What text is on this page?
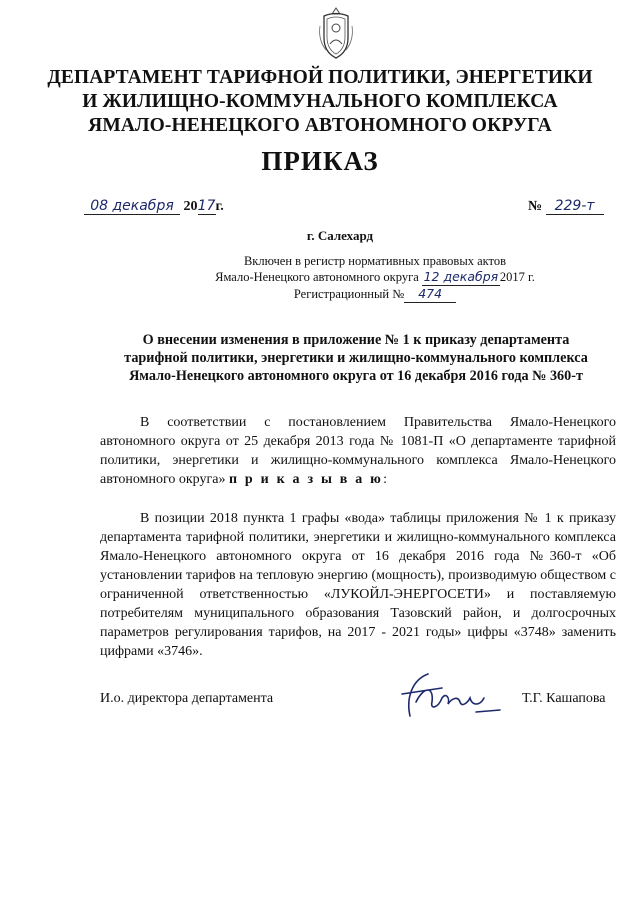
ДЕПАРТАМЕНТ ТАРИФНОЙ ПОЛИТИКИ, ЭНЕРГЕТИКИ
И ЖИЛИЩНО-КОММУНАЛЬНОГО КОМПЛЕКСА
ЯМАЛО-НЕНЕЦКОГО АВТОНОМНОГО ОКРУГА
ПРИКАЗ
08 декабря 2017г.	№ 229-т
г. Салехард
Включен в регистр нормативных правовых актов
Ямало-Ненецкого автономного округа 12 декабря 2017 г.
Регистрационный № 474
О внесении изменения в приложение № 1 к приказу департамента
тарифной политики, энергетики и жилищно-коммунального комплекса
Ямало-Ненецкого автономного округа от 16 декабря 2016 года № 360-т
В соответствии с постановлением Правительства Ямало-Ненецкого автономного округа от 25 декабря 2013 года № 1081-П «О департаменте тарифной политики, энергетики и жилищно-коммунального комплекса Ямало-Ненецкого автономного округа» п р и к а з ы в а ю:
В позиции 2018 пункта 1 графы «вода» таблицы приложения № 1 к приказу департамента тарифной политики, энергетики и жилищно-коммунального комплекса Ямало-Ненецкого автономного округа от 16 декабря 2016 года №360-т «Об установлении тарифов на тепловую энергию (мощность), производимую обществом с ограниченной ответственностью «ЛУКОЙЛ-ЭНЕРГОСЕТИ» и поставляемую потребителям муниципального образования Тазовский район, и долгосрочных параметров регулирования тарифов, на 2017 - 2021 годы» цифры «3748» заменить цифрами «3746».
И.о. директора департамента	Т.Г. Кашапова
